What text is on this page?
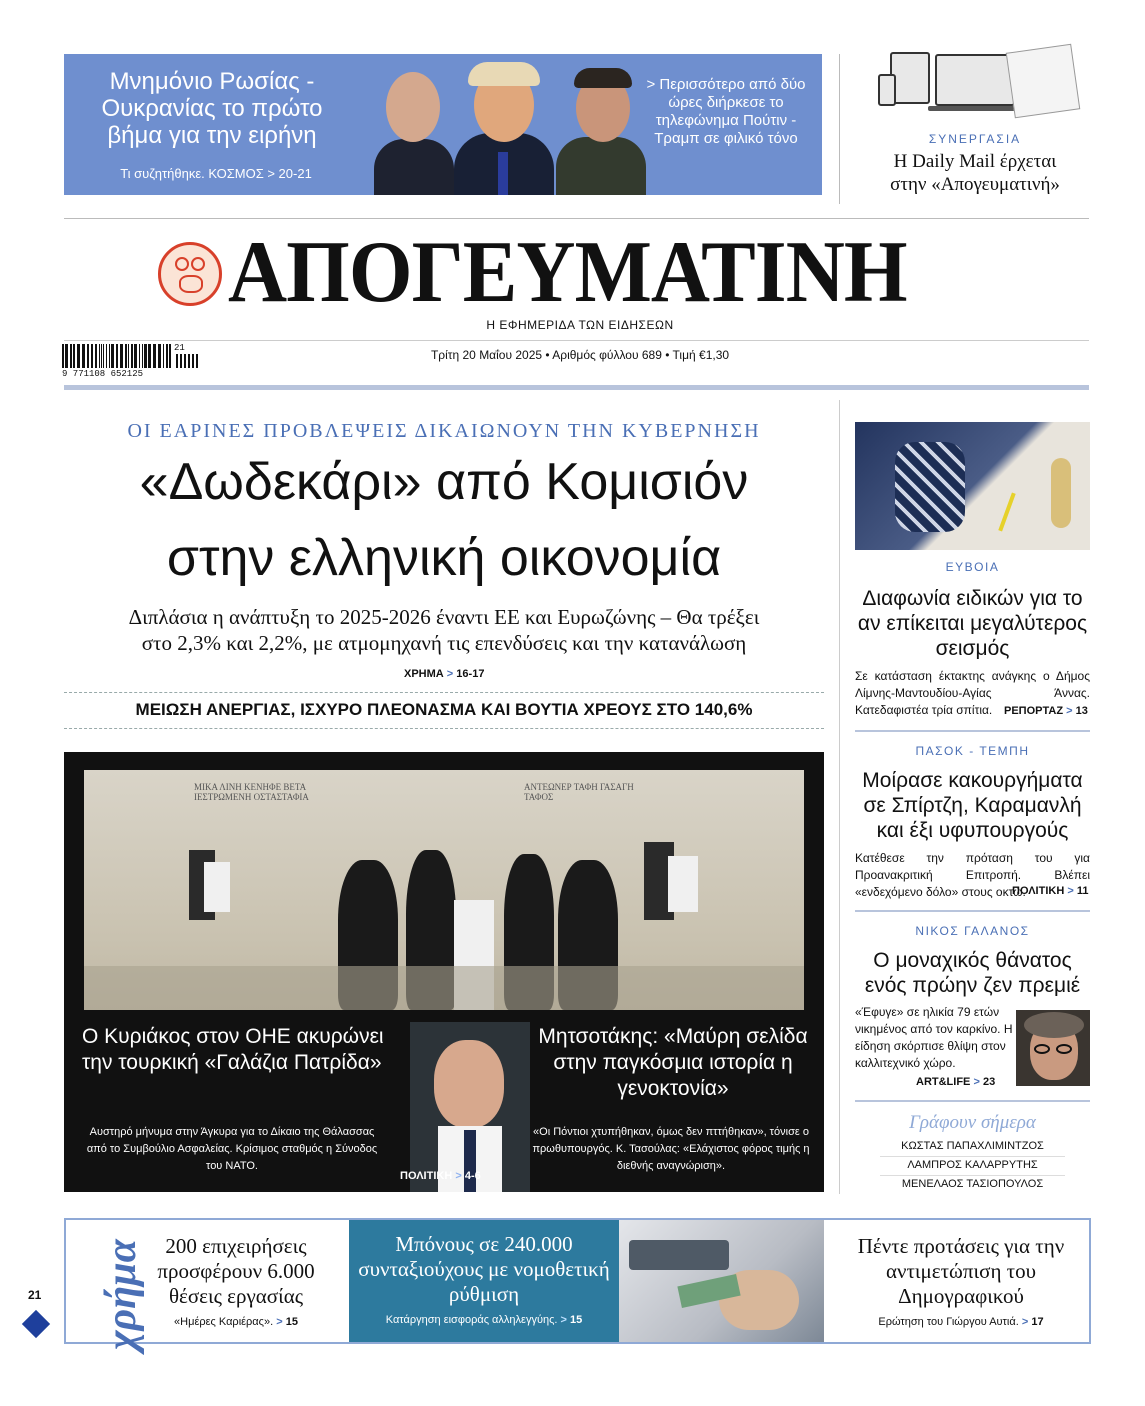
Μνημόνιο Ρωσίας - Ουκρανίας το πρώτο βήμα για την ειρήνη
Τι συζητήθηκε. ΚΟΣΜΟΣ > 20-21
> Περισσότερο από δύο ώρες διήρκεσε το τηλεφώνημα Πούτιν - Τραμπ σε φιλικό τόνο	ΣΥΝΕΡΓΑΣΙΑ
Η Daily Mail έρχεται
στην «Απογευματινή»
ΑΠΟΓΕΥΜΑΤΙΝΗ
Η ΕΦΗΜΕΡΙΔΑ ΤΩΝ ΕΙΔΗΣΕΩΝ
9 771108 652125
21	Τρίτη 20 Μαΐου 2025 • Αριθμός φύλλου 689 • Τιμή €1,30
ΟΙ ΕΑΡΙΝΕΣ ΠΡΟΒΛΕΨΕΙΣ ΔΙΚΑΙΩΝΟΥΝ ΤΗΝ ΚΥΒΕΡΝΗΣΗ
«Δωδεκάρι» από Κομισιόν
στην ελληνική οικονομία
Διπλάσια η ανάπτυξη το 2025-2026 έναντι ΕΕ και Ευρωζώνης – Θα τρέξει
στο 2,3% και 2,2%, με ατμομηχανή τις επενδύσεις και την κατανάλωση
ΧΡΗΜΑ > 16-17
ΜΕΙΩΣΗ ΑΝΕΡΓΙΑΣ, ΙΣΧΥΡΟ ΠΛΕΟΝΑΣΜΑ ΚΑΙ ΒΟΥΤΙΑ ΧΡΕΟΥΣ ΣΤΟ 140,6%
ΜΙΚΑ ΛΙΝΗ ΚΕΝΗΦΕ ΒΕΤΑ ΙΕΣΤΡΩΜΕΝΗ ΟΣΤΑΣΤΑΦΙΑ
ΑΝΤΕΩΝΕΡ ΤΑΦΗ ΓΑΣΑΓΗ ΤΑΦΟΣ
Ο Κυριάκος στον ΟΗΕ ακυρώνει την τουρκική «Γαλάζια Πατρίδα»
Αυστηρό μήνυμα στην Άγκυρα για το Δίκαιο της Θάλασσας από το Συμβούλιο Ασφαλείας. Κρίσιμος σταθμός η Σύνοδος του ΝΑΤΟ.
Μητσοτάκης: «Μαύρη σελίδα στην παγκόσμια ιστορία η γενοκτονία»
«Οι Πόντιοι χτυπήθηκαν, όμως δεν πττήθηκαν», τόνισε ο πρωθυπουργός. Κ. Τασούλας: «Ελάχιστος φόρος τιμής η διεθνής αναγνώριση».
ΠΟΛΙΤΙΚΗ > 4-6
ΕΥΒΟΙΑ
Διαφωνία ειδικών για το αν επίκειται μεγαλύτερος σεισμός
Σε κατάσταση έκτακτης ανάγκης ο Δήμος Λίμνης-Μαντουδίου-Αγίας Άννας. Κατεδαφιστέα τρία σπίτια.	ΡΕΠΟΡΤΑΖ > 13
ΠΑΣΟΚ - ΤΕΜΠΗ
Μοίρασε κακουργήματα σε Σπίρτζη, Καραμανλή και έξι υφυπουργούς
Κατέθεσε την πρόταση του για Προανακριτική Επιτροπή. Βλέπει «ενδεχόμενο δόλο» στους οκτώ.
ΠΟΛΙΤΙΚΗ > 11
ΝΙΚΟΣ ΓΑΛΑΝΟΣ
Ο μοναχικός θάνατος ενός πρώην ζεν πρεμιέ
«Έφυγε» σε ηλικία 79 ετών νικημένος από τον καρκίνο. Η είδηση σκόρπισε θλίψη στον καλλιτεχνικό χώρο.
ART&LIFE > 23
Γράφουν σήμερα
ΚΩΣΤΑΣ ΠΑΠΑΧΛΙΜΙΝΤΖΟΣ
ΛΑΜΠΡΟΣ ΚΑΛΑΡΡΥΤΗΣ
ΜΕΝΕΛΑΟΣ ΤΑΣΙΟΠΟΥΛΟΣ
21 χρήμα 200 επιχειρήσεις προσφέρουν 6.000 θέσεις εργασίας
«Ημέρες Καριέρας». > 15
Μπόνους σε 240.000 συνταξιούχους με νομοθετική ρύθμιση
Κατάργηση εισφοράς αλληλεγγύης. > 15
Πέντε προτάσεις για την αντιμετώπιση του Δημογραφικού
Ερώτηση του Γιώργου Αυτιά. > 17
